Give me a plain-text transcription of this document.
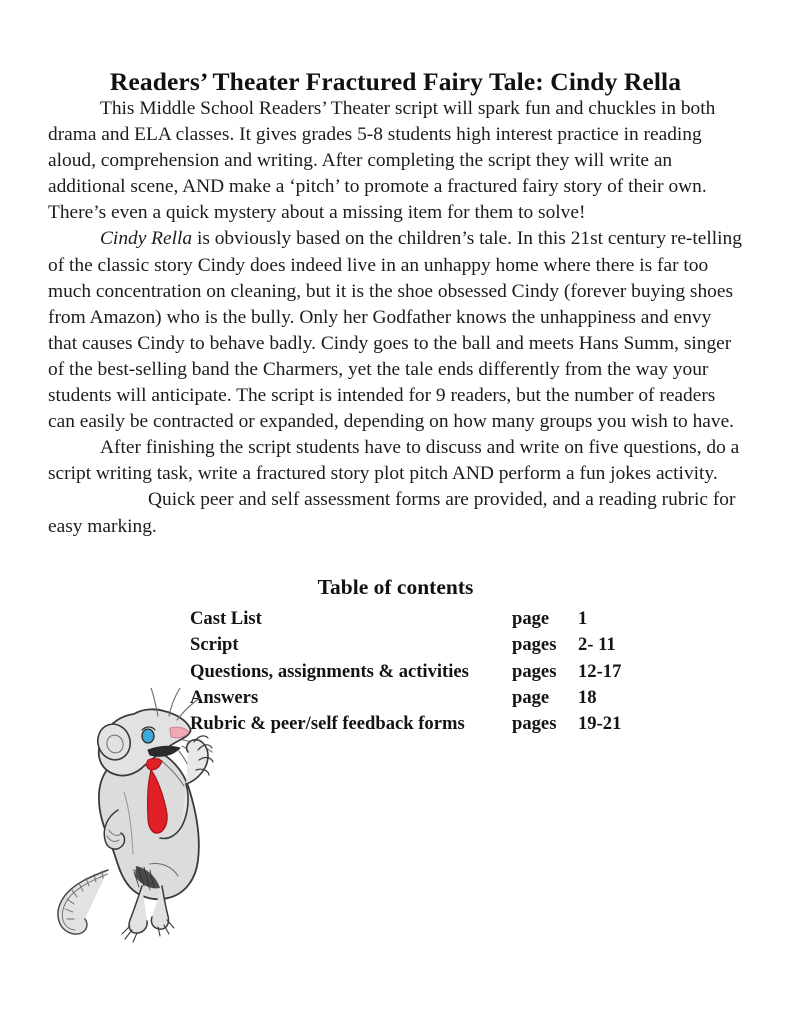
Readers’ Theater Fractured Fairy Tale: Cindy Rella

This Middle School Readers’ Theater script will spark fun and chuckles in both drama and ELA classes. It gives grades 5-8 students high interest practice in reading aloud, comprehension and writing. After completing the script they will write an additional scene, AND make a ‘pitch’ to promote a fractured fairy story of their own. There’s even a quick mystery about a missing item for them to solve!

Cindy Rella is obviously based on the children’s tale. In this 21st century re-telling of the classic story Cindy does indeed live in an unhappy home where there is far too much concentration on cleaning, but it is the shoe obsessed Cindy (forever buying shoes from Amazon) who is the bully. Only her Godfather knows the unhappiness and envy that causes Cindy to behave badly. Cindy goes to the ball and meets Hans Summ, singer of the best-selling band the Charmers, yet the tale ends differently from the way your students will anticipate. The script is intended for 9 readers, but the number of readers can easily be contracted or expanded, depending on how many groups you wish to have.

After finishing the script students have to discuss and write on five questions, do a script writing task, write a fractured story plot pitch AND perform a fun jokes activity.

Quick peer and self assessment forms are provided, and a reading rubric for easy marking.

Table of contents
Cast List	page	1
Script	pages	2- 11
Questions, assignments & activities	pages	12-17
Answers	page	18
Rubric & peer/self feedback forms	pages	19-21
